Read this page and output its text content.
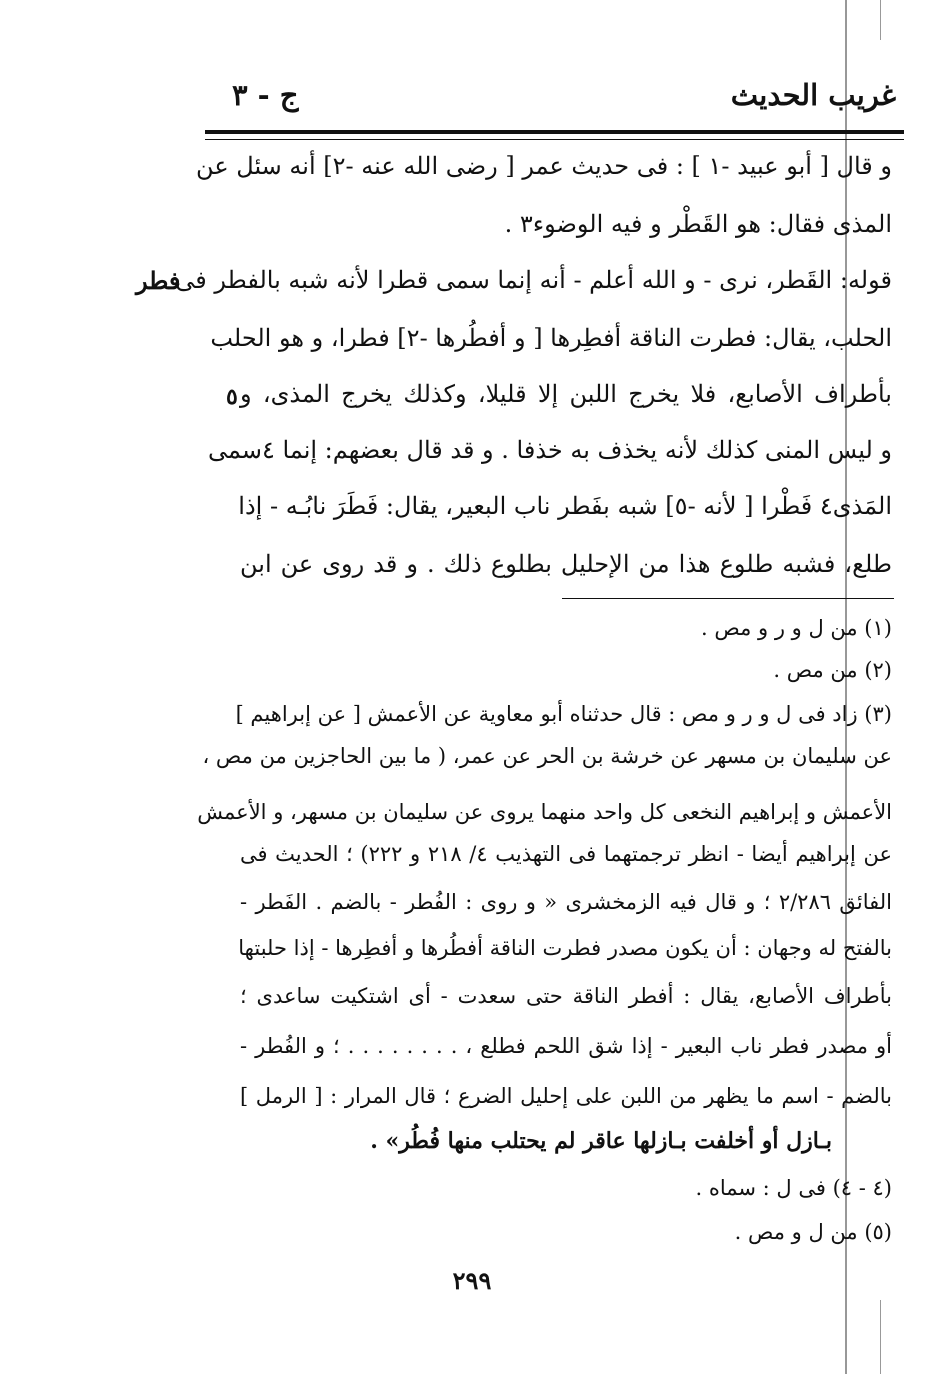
غريب الحديث
ج - ٣
و قال [ أبو عبيد -١ ] : فى حديث عمر [ رضى الله عنه -٢] أنه سئل عن
المذى فقال: هو القَطْر و فيه الوضوء٣ .
قوله: القَطر، نرى - و الله أعلم - أنه إنما سمى قطرا لأنه شبه بالفطر فى
الحلب، يقال: فطرت الناقة أفطِرها [ و أفطُرها -٢] فطرا، و هو الحلب
بأطراف الأصابع، فلا يخرج اللبن إلا قليلا، وكذلك يخرج المذى، و
و ليس المنى كذلك لأنه يخذف به خذفا . و قد قال بعضهم: إنما ٤سمى
المَذى٤ فَطْرا [ لأنه -٥] شبه بفَطر ناب البعير، يقال: فَطَرَ نابُـه - إذا
طلع، فشبه طلوع هذا من الإحليل بطلوع ذلك . و قد روى عن ابن
فطر
٥
(١) من ل و ر و مص .
(٢) من مص .
(٣) زاد فى ل و ر و مص : قال حدثناه أبو معاوية عن الأعمش [ عن إبراهيم ]
عن سليمان بن مسهر عن خرشة بن الحر عن عمر، ( ما بين الحاجزين من مص ،
الأعمش و إبراهيم النخعى كل واحد منهما يروى عن سليمان بن مسهر، و الأعمش
عن إبراهيم أيضا - انظر ترجمتهما فى التهذيب ٤/ ٢١٨ و ٢٢٢) ؛ الحديث فى
الفائق ٢/٢٨٦ ؛ و قال فيه الزمخشرى « و روى : الفُطر - بالضم . الفَطر -
بالفتح له وجهان : أن يكون مصدر فطرت الناقة أفطُرها و أفطِرها - إذا حلبتها
بأطراف الأصابع، يقال : أفطر الناقة حتى سعدت - أى اشتكيت ساعدى ؛
أو مصدر فطر ناب البعير - إذا شق اللحم فطلع ، . . . . . . . . ؛ و الفُطر -
بالضم - اسم ما يظهر من اللبن على إحليل الضرع ؛ قال المرار : [ الرمل ]
بـازل أو أخلفت بـازلها عاقر لم يحتلب منها فُطُر» .
(٤ - ٤) فى ل : سماه .
(٥) من ل و مص .
٢٩٩
